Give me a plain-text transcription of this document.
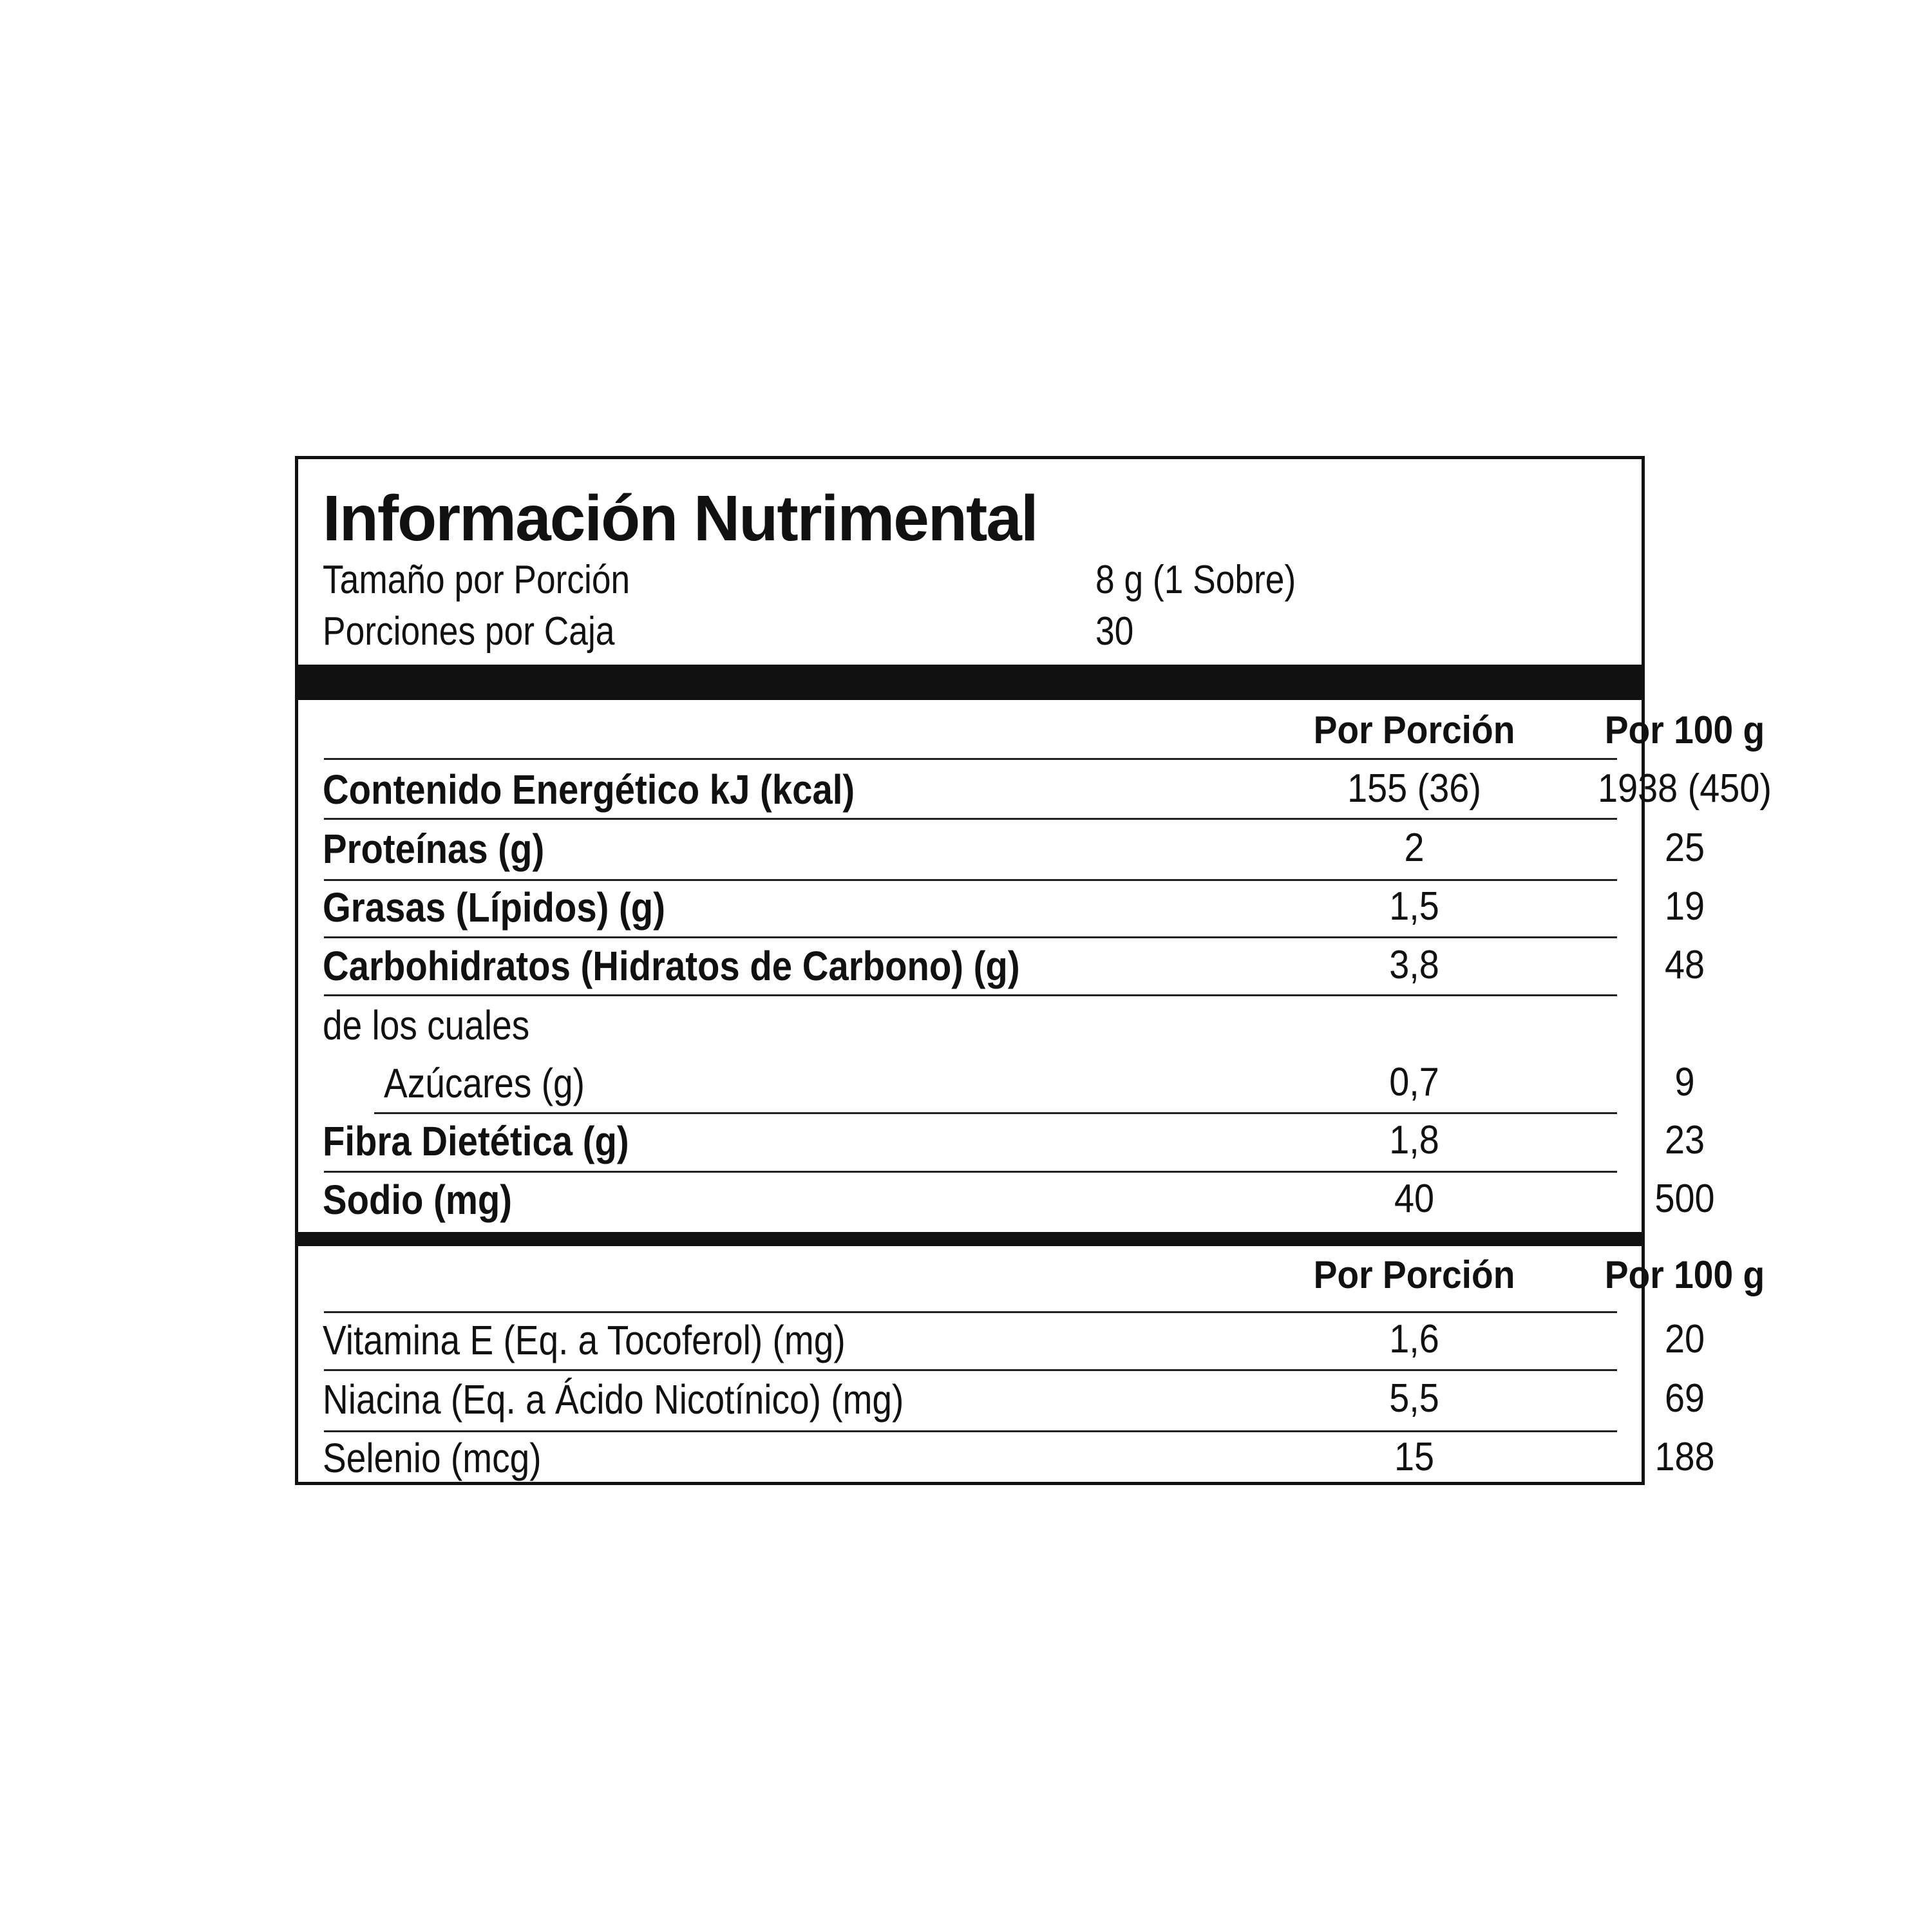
Información Nutrimental
Tamaño por Porción	8 g (1 Sobre)
Porciones por Caja	30
Por Porción	Por 100 g
Contenido Energético kJ (kcal)	155 (36)	1938 (450)
Proteínas (g)	2	25
Grasas (Lípidos) (g)	1,5	19
Carbohidratos (Hidratos de Carbono) (g)	3,8	48
de los cuales
Azúcares (g)	0,7	9
Fibra Dietética (g)	1,8	23
Sodio (mg)	40	500
Por Porción	Por 100 g
Vitamina E (Eq. a Tocoferol) (mg)	1,6	20
Niacina (Eq. a Ácido Nicotínico) (mg)	5,5	69
Selenio (mcg)	15	188
